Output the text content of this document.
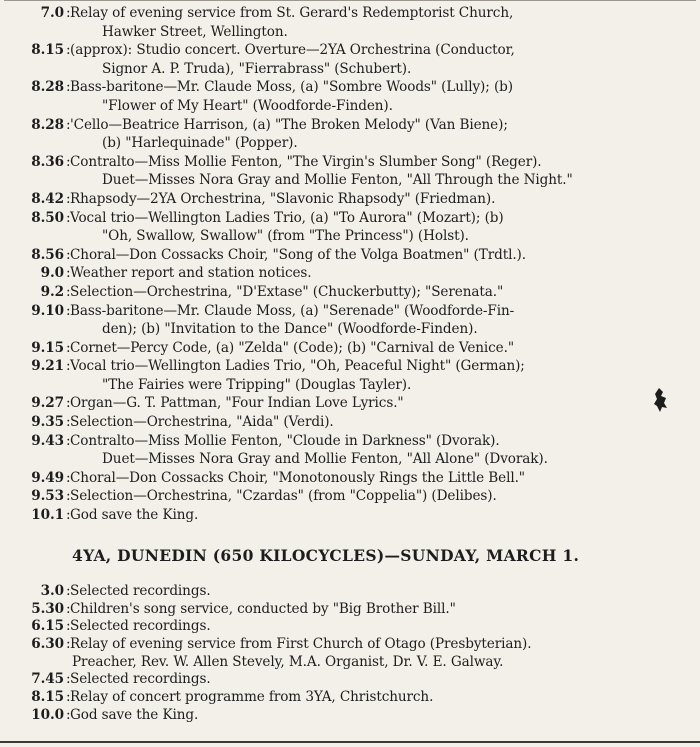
7.0 : Relay of evening service from St. Gerard's Redemptorist Church,
Hawker Street, Wellington.
8.15 : (approx): Studio concert. Overture—2YA Orchestrina (Conductor,
Signor A. P. Truda), "Fierrabrass" (Schubert).
8.28 : Bass-baritone—Mr. Claude Moss, (a) "Sombre Woods" (Lully); (b)
"Flower of My Heart" (Woodforde-Finden).
8.28 : 'Cello—Beatrice Harrison, (a) "The Broken Melody" (Van Biene);
(b) "Harlequinade" (Popper).
8.36 : Contralto—Miss Mollie Fenton, "The Virgin's Slumber Song" (Reger).
Duet—Misses Nora Gray and Mollie Fenton, "All Through the Night."
8.42 : Rhapsody—2YA Orchestrina, "Slavonic Rhapsody" (Friedman).
8.50 : Vocal trio—Wellington Ladies Trio, (a) "To Aurora" (Mozart); (b)
"Oh, Swallow, Swallow" (from "The Princess") (Holst).
8.56 : Choral—Don Cossacks Choir, "Song of the Volga Boatmen" (Trdtl.).
9.0 : Weather report and station notices.
9.2 : Selection—Orchestrina, "D'Extase" (Chuckerbutty); "Serenata."
9.10 : Bass-baritone—Mr. Claude Moss, (a) "Serenade" (Woodforde-Fin-
den); (b) "Invitation to the Dance" (Woodforde-Finden).
9.15 : Cornet—Percy Code, (a) "Zelda" (Code); (b) "Carnival de Venice."
9.21 : Vocal trio—Wellington Ladies Trio, "Oh, Peaceful Night" (German);
"The Fairies were Tripping" (Douglas Tayler).
9.27 : Organ—G. T. Pattman, "Four Indian Love Lyrics."
9.35 : Selection—Orchestrina, "Aida" (Verdi).
9.43 : Contralto—Miss Mollie Fenton, "Cloude in Darkness" (Dvorak).
Duet—Misses Nora Gray and Mollie Fenton, "All Alone" (Dvorak).
9.49 : Choral—Don Cossacks Choir, "Monotonously Rings the Little Bell."
9.53 : Selection—Orchestrina, "Czardas" (from "Coppelia") (Delibes).
10.1 : God save the King.
4YA, DUNEDIN (650 KILOCYCLES)—SUNDAY, MARCH 1.
3.0 : Selected recordings.
5.30 : Children's song service, conducted by "Big Brother Bill."
6.15 : Selected recordings.
6.30 : Relay of evening service from First Church of Otago (Presbyterian).
Preacher, Rev. W. Allen Stevely, M.A. Organist, Dr. V. E. Galway.
7.45 : Selected recordings.
8.15 : Relay of concert programme from 3YA, Christchurch.
10.0 : God save the King.
